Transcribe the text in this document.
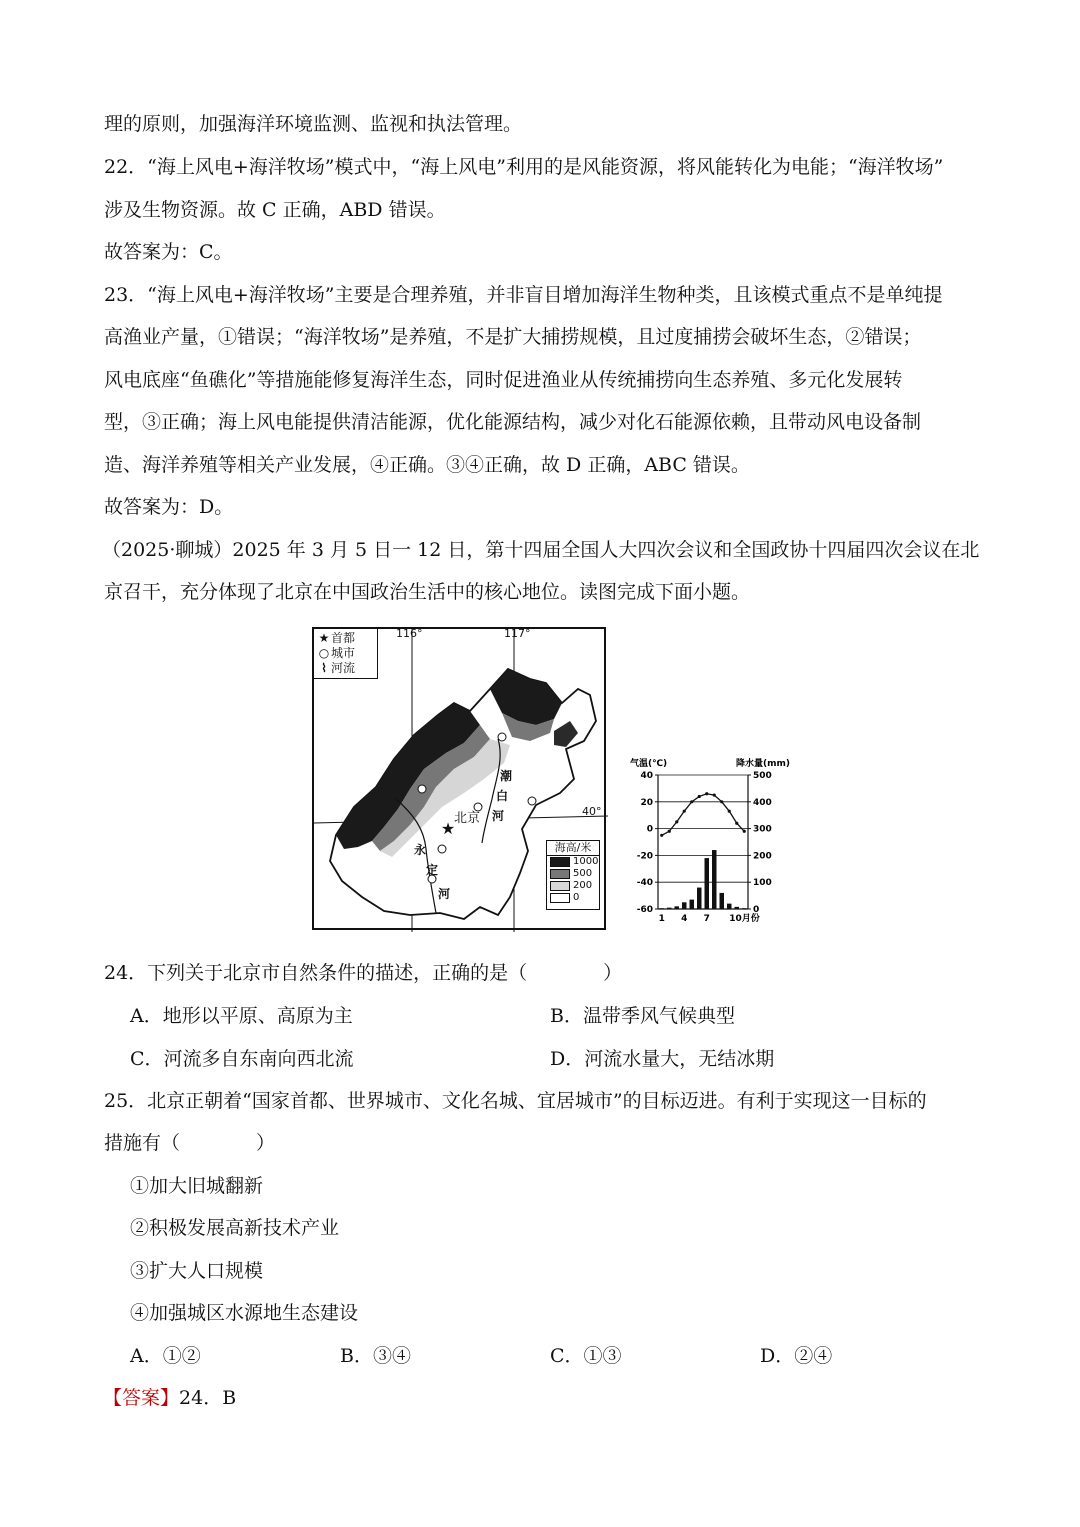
理的原则，加强海洋环境监测、监视和执法管理。
22．“海上风电+海洋牧场”模式中，“海上风电”利用的是风能资源，将风能转化为电能；“海洋牧场”
涉及生物资源。故 C 正确，ABD 错误。
故答案为：C。
23．“海上风电+海洋牧场”主要是合理养殖，并非盲目增加海洋生物种类，且该模式重点不是单纯提
高渔业产量，①错误；“海洋牧场”是养殖，不是扩大捕捞规模，且过度捕捞会破坏生态，②错误；
风电底座“鱼礁化”等措施能修复海洋生态，同时促进渔业从传统捕捞向生态养殖、多元化发展转
型，③正确；海上风电能提供清洁能源，优化能源结构，减少对化石能源依赖，且带动风电设备制
造、海洋养殖等相关产业发展，④正确。③④正确，故 D 正确，ABC 错误。
故答案为：D。
（2025·聊城）2025 年 3 月 5 日一 12 日，第十四届全国人大四次会议和全国政协十四届四次会议在北
京召干，充分体现了北京在中国政治生活中的核心地位。读图完成下面小题。
★
★ 首都
○ 城市
⌇ 河流
116°	117°
40°
北京
潮
白
河
永
定
河
海高/米
1000
500
200
0
气温(℃)	降水量(mm)
40
20
0
-20
-40
-60
500
400
300
200
100
0
1 4 7 10月份
24．下列关于北京市自然条件的描述，正确的是（　　　　）
A．地形以平原、高原为主	B．温带季风气候典型
C．河流多自东南向西北流	D．河流水量大，无结冰期
25．北京正朝着“国家首都、世界城市、文化名城、宜居城市”的目标迈进。有利于实现这一目标的
措施有（　　　　）
①加大旧城翻新
②积极发展高新技术产业
③扩大人口规模
④加强城区水源地生态建设
A．①②	B．③④	C．①③	D．②④
【答案】24．B
